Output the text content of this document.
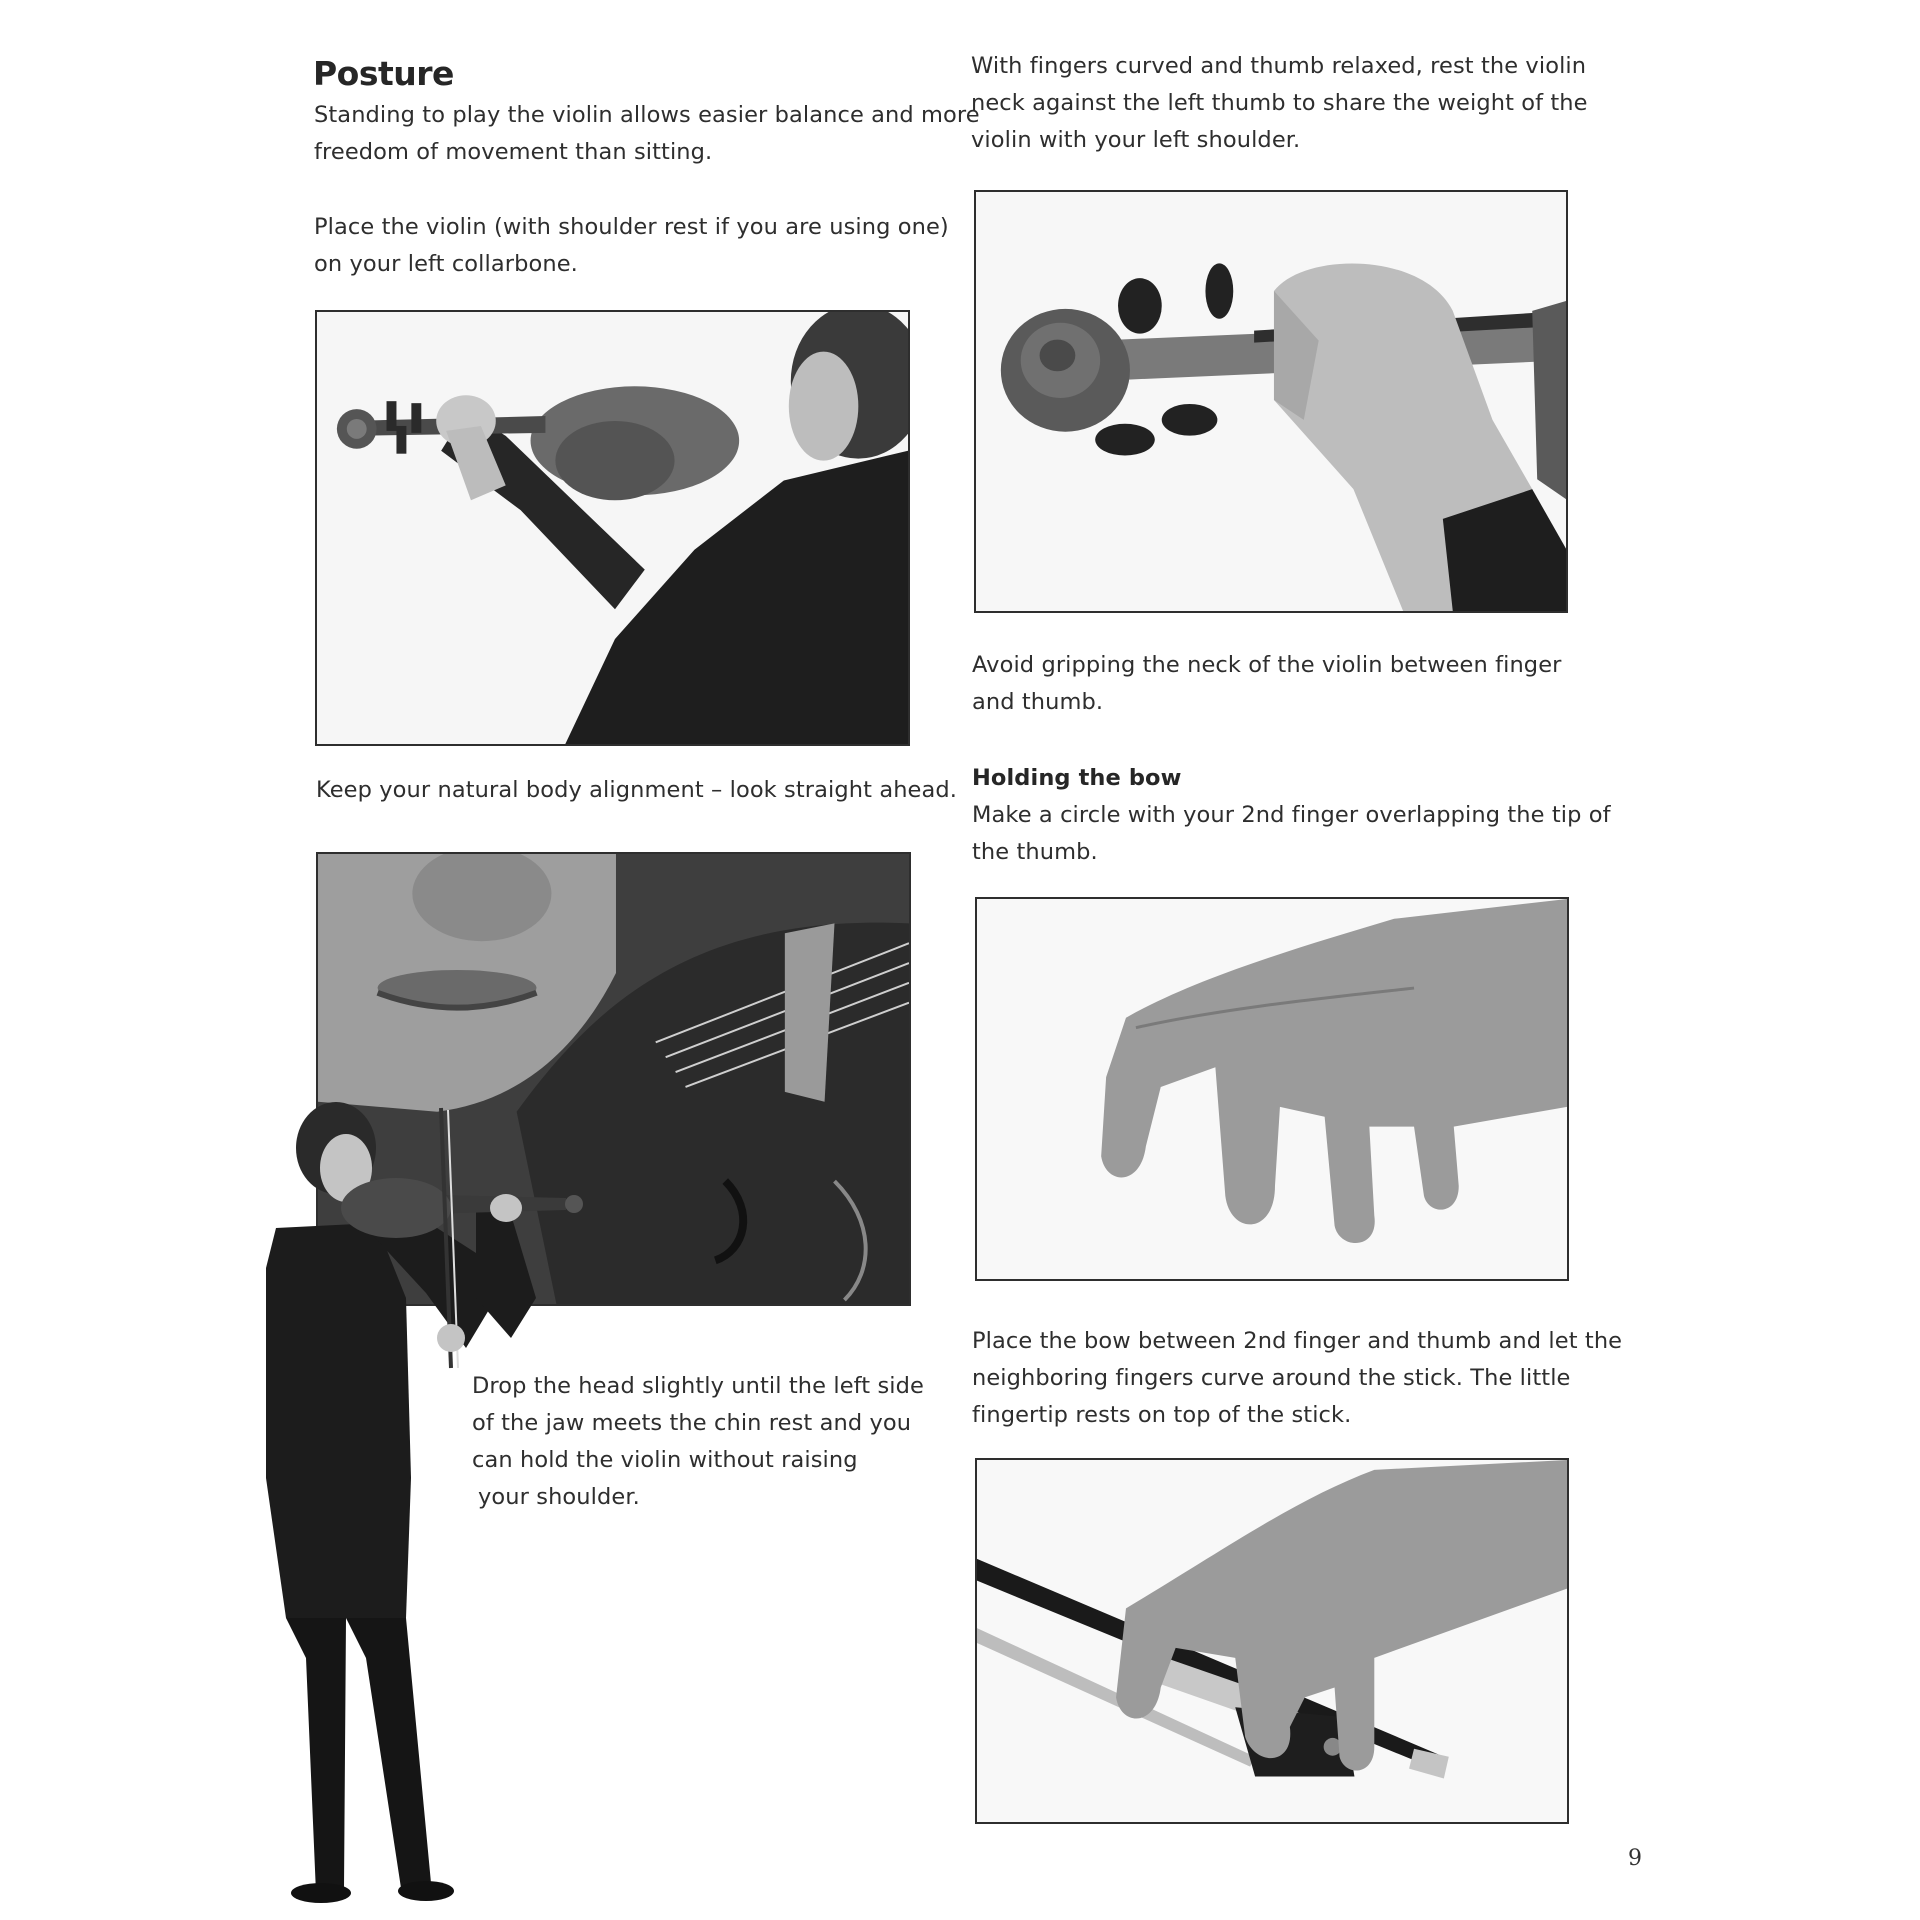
Posture

Standing to play the violin allows easier balance and more
freedom of movement than sitting.

Place the violin (with shoulder rest if you are using one)
on your left collarbone.

Keep your natural body alignment – look straight ahead.

Drop the head slightly until the left side
of the jaw meets the chin rest and you
can hold the violin without raising
your shoulder.

With fingers curved and thumb relaxed, rest the violin
neck against the left thumb to share the weight of the
violin with your left shoulder.

Avoid gripping the neck of the violin between finger
and thumb.

Holding the bow

Make a circle with your 2nd finger overlapping the tip of
the thumb.

Place the bow between 2nd finger and thumb and let the
neighboring fingers curve around the stick. The little
fingertip rests on top of the stick.

9
